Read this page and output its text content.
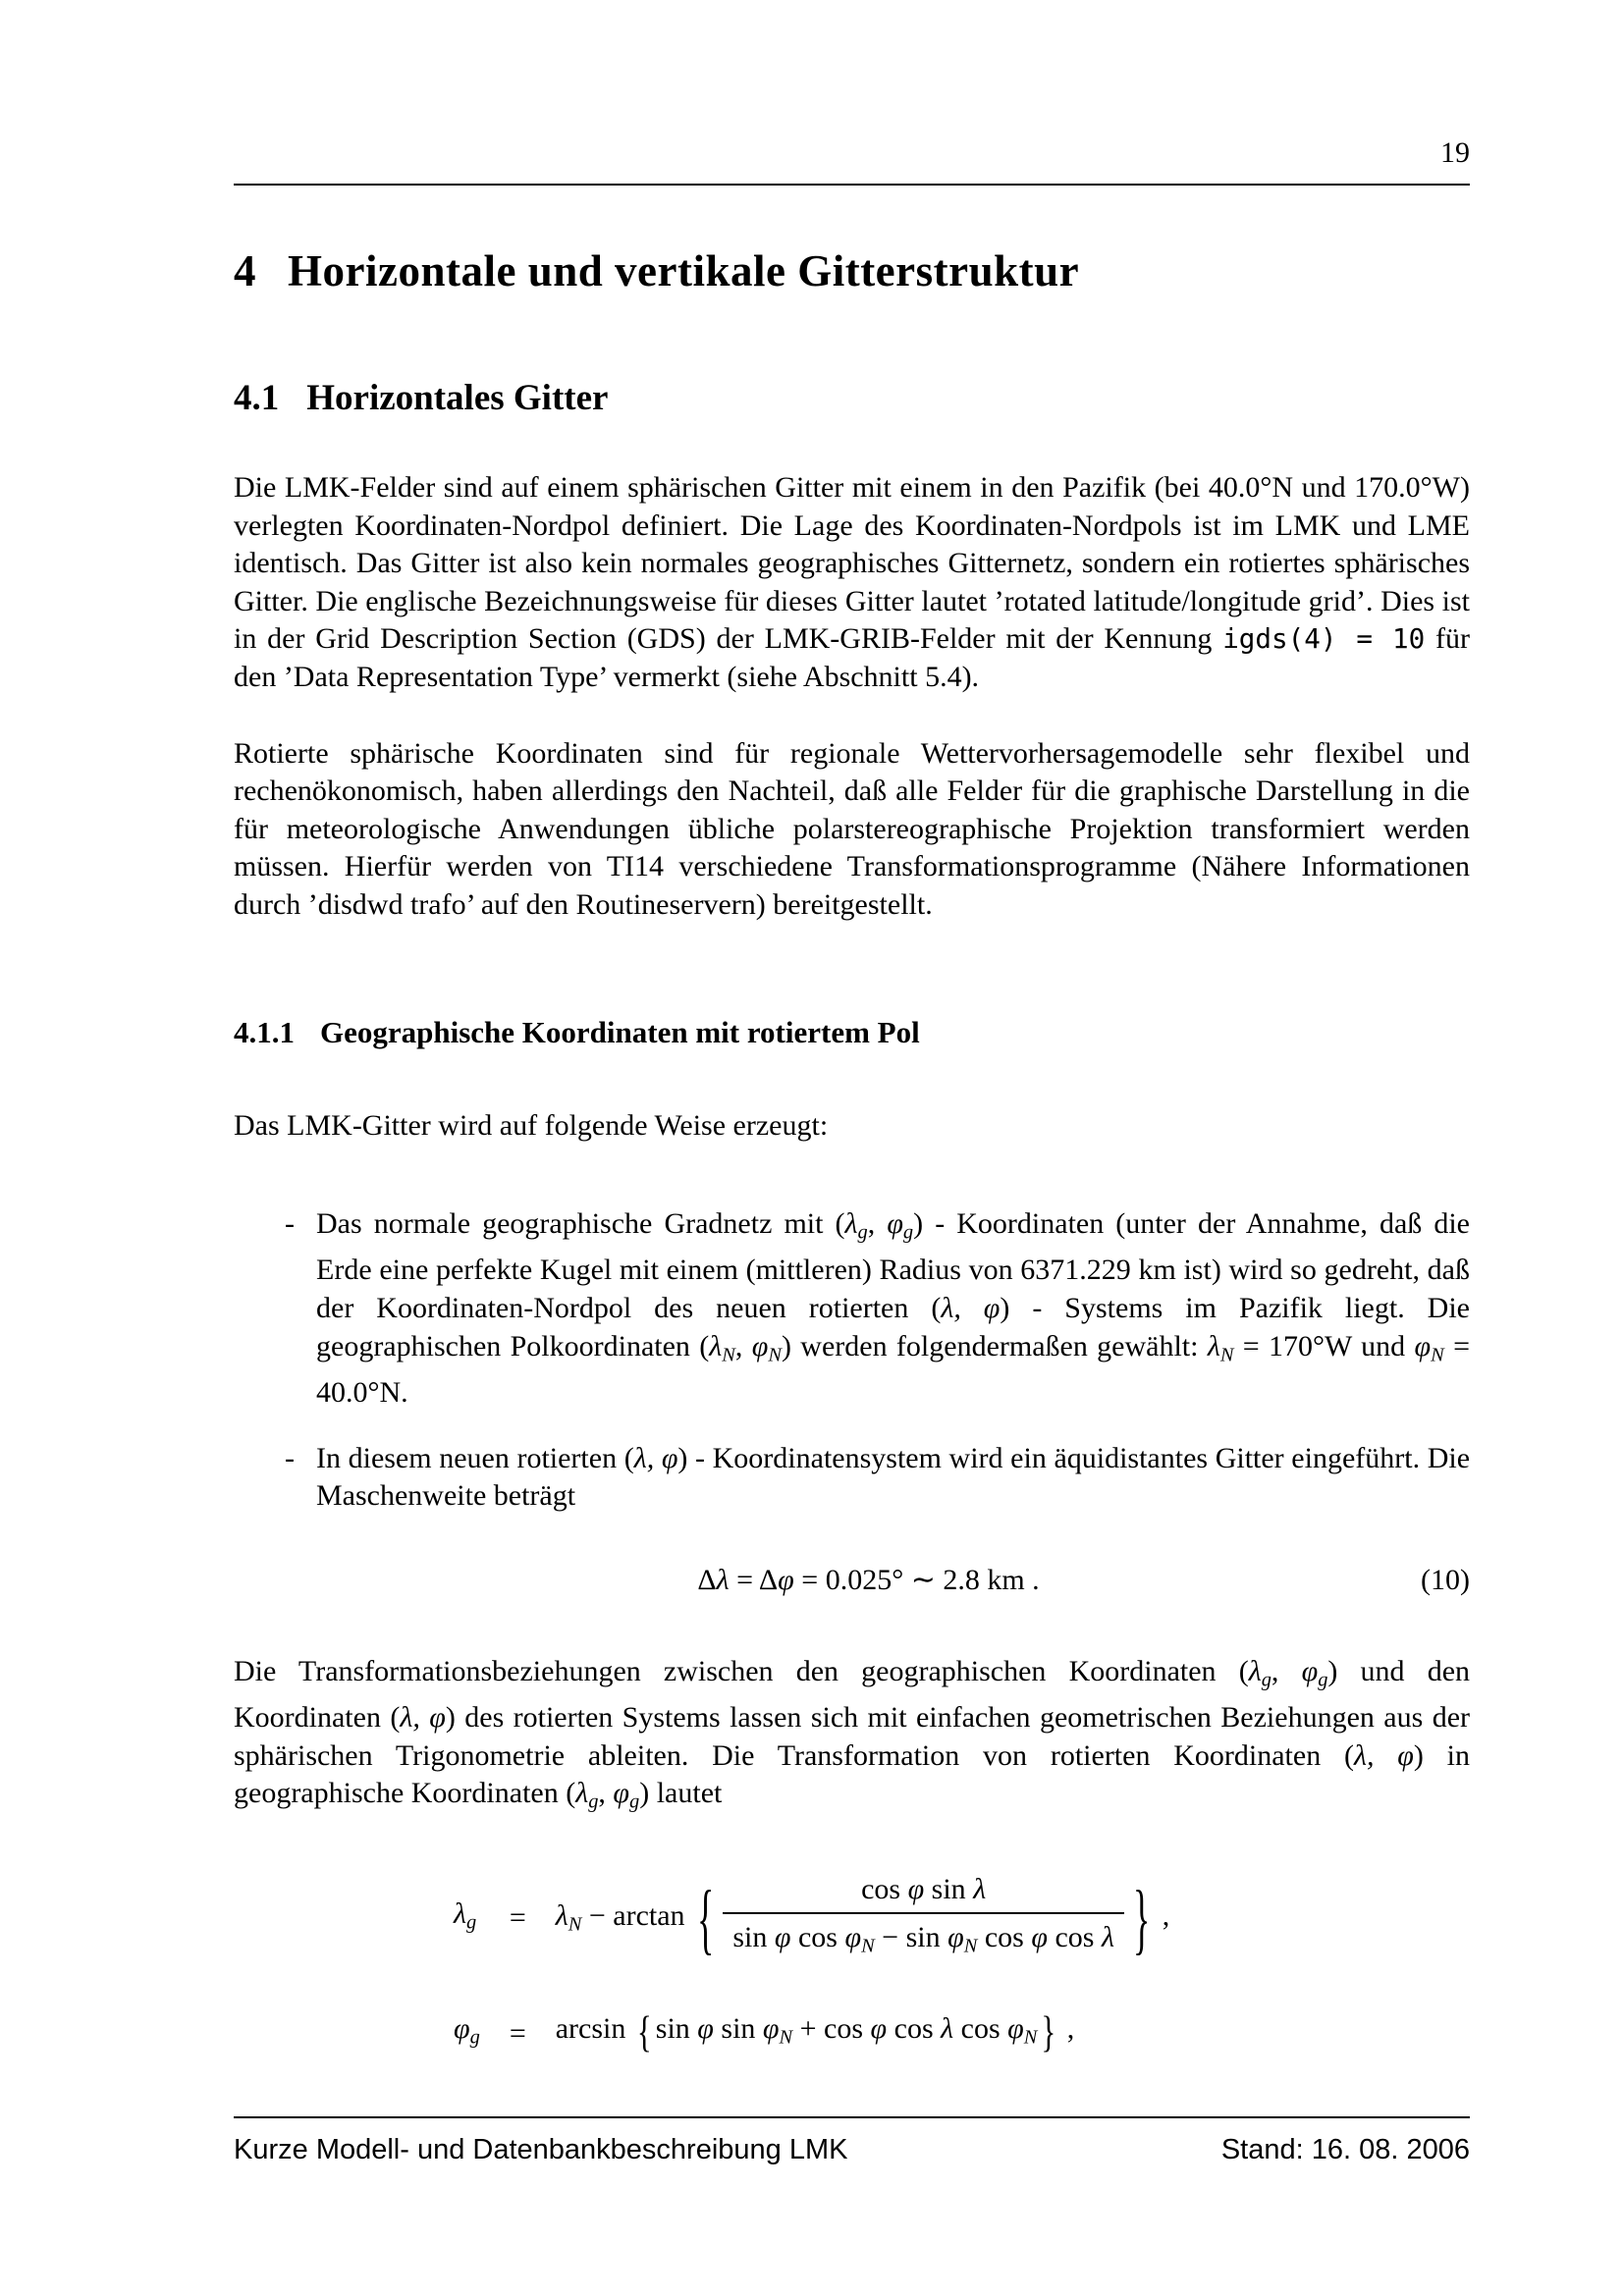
19
4 Horizontale und vertikale Gitterstruktur
4.1 Horizontales Gitter

Die LMK-Felder sind auf einem sphärischen Gitter mit einem in den Pazifik (bei 40.0°N und 170.0°W) verlegten Koordinaten-Nordpol definiert. Die Lage des Koordinaten-Nordpols ist im LMK und LME identisch. Das Gitter ist also kein normales geographisches Gitternetz, sondern ein rotiertes sphärisches Gitter. Die englische Bezeichnungsweise für dieses Gitter lautet ’rotated latitude/longitude grid’. Dies ist in der Grid Description Section (GDS) der LMK-GRIB-Felder mit der Kennung igds(4) = 10 für den ’Data Representation Type’ vermerkt (siehe Abschnitt 5.4).

Rotierte sphärische Koordinaten sind für regionale Wettervorhersagemodelle sehr flexibel und rechenökonomisch, haben allerdings den Nachteil, daß alle Felder für die graphische Darstellung in die für meteorologische Anwendungen übliche polarstereographische Projektion transformiert werden müssen. Hierfür werden von TI14 verschiedene Transformationsprogramme (Nähere Informationen durch ’disdwd trafo’ auf den Routineservern) bereitgestellt.

4.1.1 Geographische Koordinaten mit rotiertem Pol

Das LMK-Gitter wird auf folgende Weise erzeugt:

- Das normale geographische Gradnetz mit (λg, φg) - Koordinaten (unter der Annahme, daß die Erde eine perfekte Kugel mit einem (mittleren) Radius von 6371.229 km ist) wird so gedreht, daß der Koordinaten-Nordpol des neuen rotierten (λ, φ) - Systems im Pazifik liegt. Die geographischen Polkoordinaten (λN, φN) werden folgendermaßen gewählt: λN = 170°W und φN = 40.0°N.
- In diesem neuen rotierten (λ, φ) - Koordinatensystem wird ein äquidistantes Gitter eingeführt. Die Maschenweite beträgt
Δλ = Δφ = 0.025° ∼ 2.8 km .	(10)

Die Transformationsbeziehungen zwischen den geographischen Koordinaten (λg, φg) und den Koordinaten (λ, φ) des rotierten Systems lassen sich mit einfachen geometrischen Beziehungen aus der sphärischen Trigonometrie ableiten. Die Transformation von rotierten Koordinaten (λ, φ) in geographische Koordinaten (λg, φg) lautet

λg = λN − arctan { $\frac{\text{cos φ sin λ}}{\text{sin φ cos φN − sin φN cos φ cos λ}}$ } ,
φg = arcsin { sin φ sin φN + cos φ cos λ cos φN } ,
Kurze Modell- und Datenbankbeschreibung LMK	Stand: 16. 08. 2006
